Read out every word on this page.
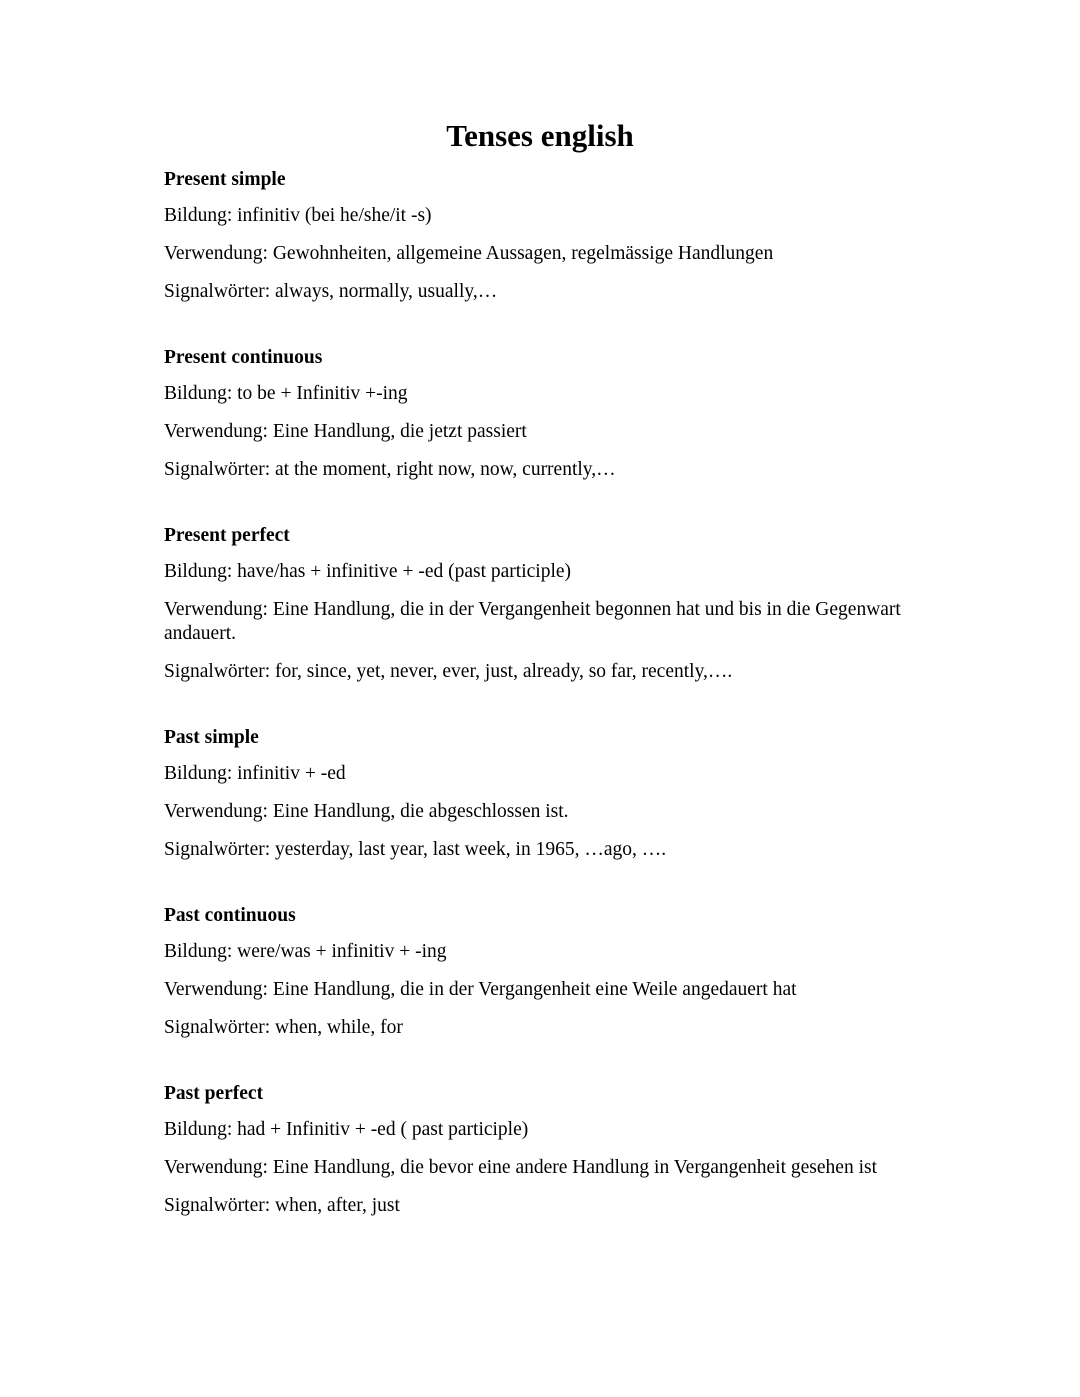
Tenses english
Present simple
Bildung: infinitiv (bei he/she/it -s)
Verwendung: Gewohnheiten, allgemeine Aussagen, regelmässige Handlungen
Signalwörter: always, normally, usually,…
Present continuous
Bildung: to be + Infinitiv +-ing
Verwendung: Eine Handlung, die jetzt passiert
Signalwörter: at the moment, right now, now, currently,…
Present perfect
Bildung: have/has + infinitive + -ed (past participle)
Verwendung: Eine Handlung, die in der Vergangenheit begonnen hat und bis in die Gegenwart andauert.
Signalwörter: for, since, yet, never, ever, just, already, so far, recently,….
Past simple
Bildung: infinitiv + -ed
Verwendung: Eine Handlung, die abgeschlossen ist.
Signalwörter: yesterday, last year, last week, in 1965, …ago, ….
Past continuous
Bildung: were/was + infinitiv + -ing
Verwendung: Eine Handlung, die in der Vergangenheit eine Weile angedauert hat
Signalwörter: when, while, for
Past perfect
Bildung: had + Infinitiv + -ed ( past participle)
Verwendung: Eine Handlung, die bevor eine andere Handlung in Vergangenheit gesehen ist
Signalwörter: when, after, just
